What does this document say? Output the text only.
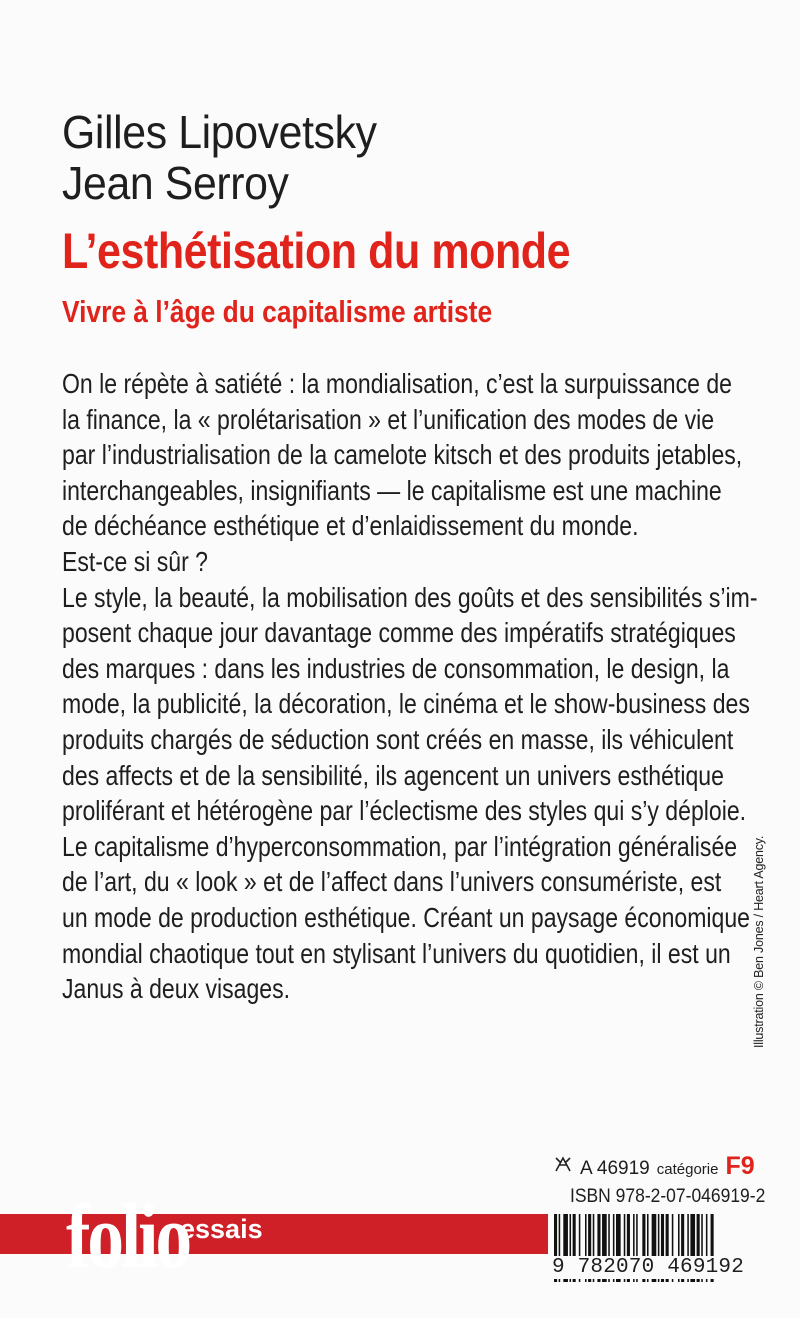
Gilles Lipovetsky
Jean Serroy
L’esthétisation du monde
Vivre à l’âge du capitalisme artiste
On le répète à satiété : la mondialisation, c’est la surpuissance de
la finance, la « prolétarisation » et l’unification des modes de vie
par l’industrialisation de la camelote kitsch et des produits jetables,
interchangeables, insignifiants — le capitalisme est une machine
de déchéance esthétique et d’enlaidissement du monde.
Est-ce si sûr ?
Le style, la beauté, la mobilisation des goûts et des sensibilités s’im-
posent chaque jour davantage comme des impératifs stratégiques
des marques : dans les industries de consommation, le design, la
mode, la publicité, la décoration, le cinéma et le show-business des
produits chargés de séduction sont créés en masse, ils véhiculent
des affects et de la sensibilité, ils agencent un univers esthétique
proliférant et hétérogène par l’éclectisme des styles qui s’y déploie.
Le capitalisme d’hyperconsommation, par l’intégration généralisée
de l’art, du « look » et de l’affect dans l’univers consumériste, est
un mode de production esthétique. Créant un paysage économique
mondial chaotique tout en stylisant l’univers du quotidien, il est un
Janus à deux visages.	Illustration © Ben Jones / Heart Agency.
A 46919 catégorie F9
ISBN 978-2-07-046919-2
folio
essais
9 782070 469192
